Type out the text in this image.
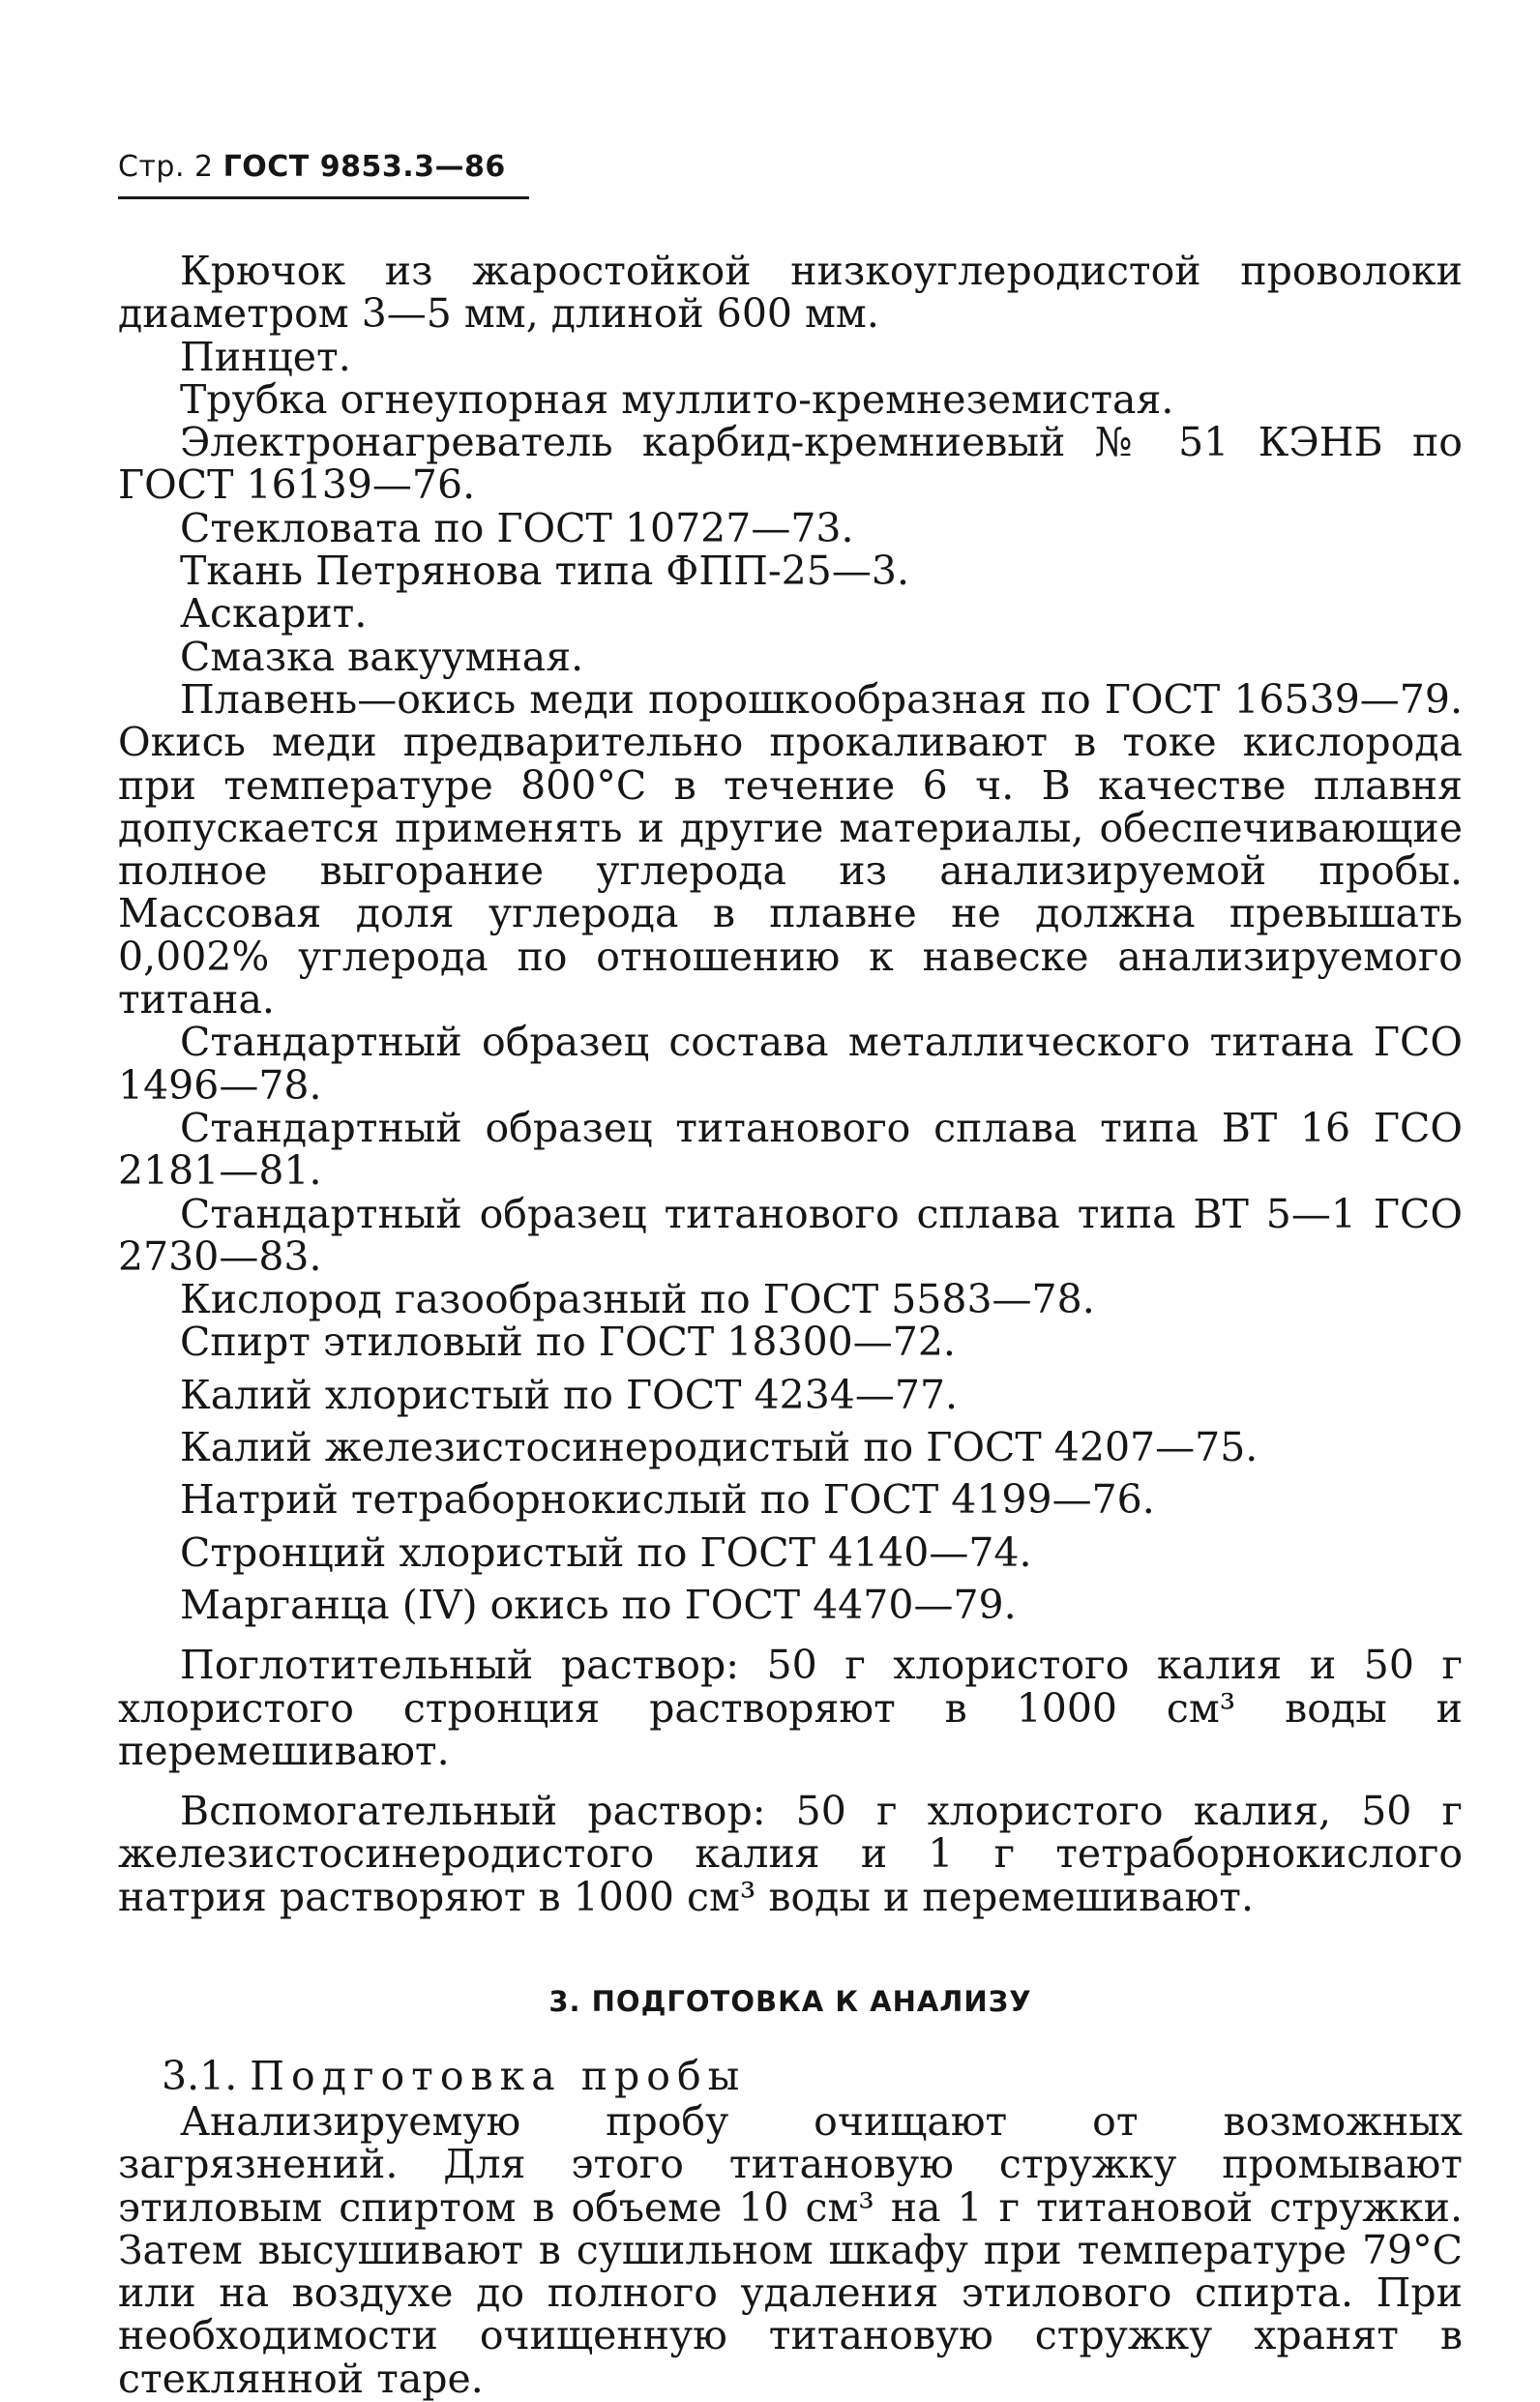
Стр. 2 ГОСТ 9853.3—86

Крючок из жаростойкой низкоуглеродистой проволоки диаметром 3—5 мм, длиной 600 мм.

Пинцет.

Трубка огнеупорная муллито-кремнеземистая.

Электронагреватель карбид-кремниевый № 51 КЭНБ по ГОСТ 16139—76.

Стекловата по ГОСТ 10727—73.

Ткань Петрянова типа ФПП-25—3.

Аскарит.

Смазка вакуумная.

Плавень—окись меди порошкообразная по ГОСТ 16539—79. Окись меди предварительно прокаливают в токе кислорода при температуре 800°С в течение 6 ч. В качестве плавня допускается применять и другие материалы, обеспечивающие полное выгорание углерода из анализируемой пробы. Массовая доля углерода в плавне не должна превышать 0,002% углерода по отношению к навеске анализируемого титана.

Стандартный образец состава металлического титана ГСО 1496—78.

Стандартный образец титанового сплава типа ВТ 16 ГСО 2181—81.

Стандартный образец титанового сплава типа ВТ 5—1 ГСО 2730—83.

Кислород газообразный по ГОСТ 5583—78.

Спирт этиловый по ГОСТ 18300—72.

Калий хлористый по ГОСТ 4234—77.

Калий железистосинеродистый по ГОСТ 4207—75.

Натрий тетраборнокислый по ГОСТ 4199—76.

Стронций хлористый по ГОСТ 4140—74.

Марганца (IV) окись по ГОСТ 4470—79.

Поглотительный раствор: 50 г хлористого калия и 50 г хлористого стронция растворяют в 1000 см³ воды и перемешивают.

Вспомогательный раствор: 50 г хлористого калия, 50 г железистосинеродистого калия и 1 г тетраборнокислого натрия растворяют в 1000 см³ воды и перемешивают.

3. ПОДГОТОВКА К АНАЛИЗУ

3.1. Подготовка пробы

Анализируемую пробу очищают от возможных загрязнений. Для этого титановую стружку промывают этиловым спиртом в объеме 10 см³ на 1 г титановой стружки. Затем высушивают в сушильном шкафу при температуре 79°С или на воздухе до полного удаления этилового спирта. При необходимости очищенную титановую стружку хранят в стеклянной таре.
